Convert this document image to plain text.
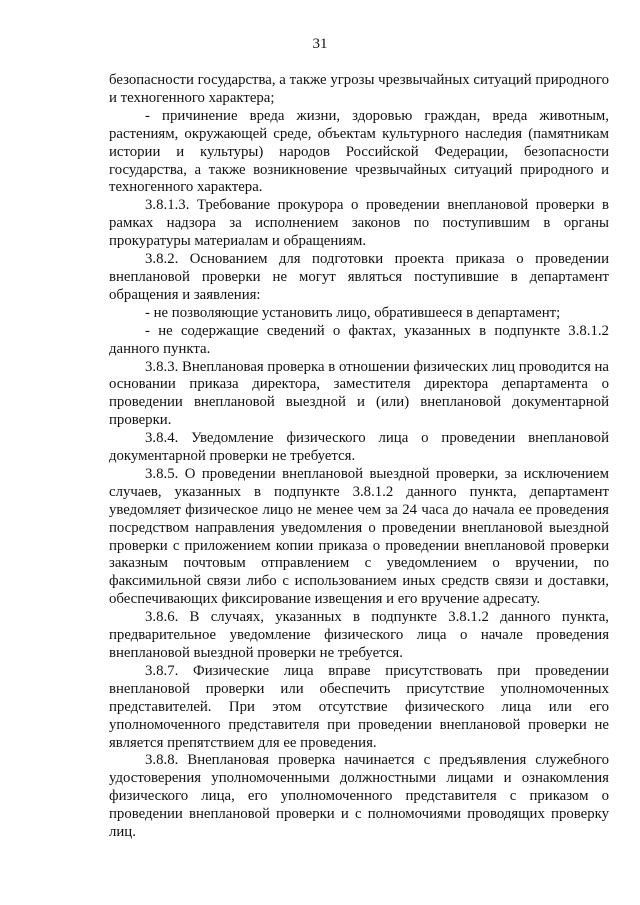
31

безопасности государства, а также угрозы чрезвычайных ситуаций природного и техногенного характера;

- причинение вреда жизни, здоровью граждан, вреда животным, растениям, окружающей среде, объектам культурного наследия (памятникам истории и культуры) народов Российской Федерации, безопасности государства, а также возникновение чрезвычайных ситуаций природного и техногенного характера.

3.8.1.3. Требование прокурора о проведении внеплановой проверки в рамках надзора за исполнением законов по поступившим в органы прокуратуры материалам и обращениям.

3.8.2. Основанием для подготовки проекта приказа о проведении внеплановой проверки не могут являться поступившие в департамент обращения и заявления:

- не позволяющие установить лицо, обратившееся в департамент;

- не содержащие сведений о фактах, указанных в подпункте 3.8.1.2 данного пункта.

3.8.3. Внеплановая проверка в отношении физических лиц проводится на основании приказа директора, заместителя директора департамента о проведении внеплановой выездной и (или) внеплановой документарной проверки.

3.8.4. Уведомление физического лица о проведении внеплановой документарной проверки не требуется.

3.8.5. О проведении внеплановой выездной проверки, за исключением случаев, указанных в подпункте 3.8.1.2 данного пункта, департамент уведомляет физическое лицо не менее чем за 24 часа до начала ее проведения посредством направления уведомления о проведении внеплановой выездной проверки с приложением копии приказа о проведении внеплановой проверки заказным почтовым отправлением с уведомлением о вручении, по факсимильной связи либо с использованием иных средств связи и доставки, обеспечивающих фиксирование извещения и его вручение адресату.

3.8.6. В случаях, указанных в подпункте 3.8.1.2 данного пункта, предварительное уведомление физического лица о начале проведения внеплановой выездной проверки не требуется.

3.8.7. Физические лица вправе присутствовать при проведении внеплановой проверки или обеспечить присутствие уполномоченных представителей. При этом отсутствие физического лица или его уполномоченного представителя при проведении внеплановой проверки не является препятствием для ее проведения.

3.8.8. Внеплановая проверка начинается с предъявления служебного удостоверения уполномоченными должностными лицами и ознакомления физического лица, его уполномоченного представителя с приказом о проведении внеплановой проверки и с полномочиями проводящих проверку лиц.
